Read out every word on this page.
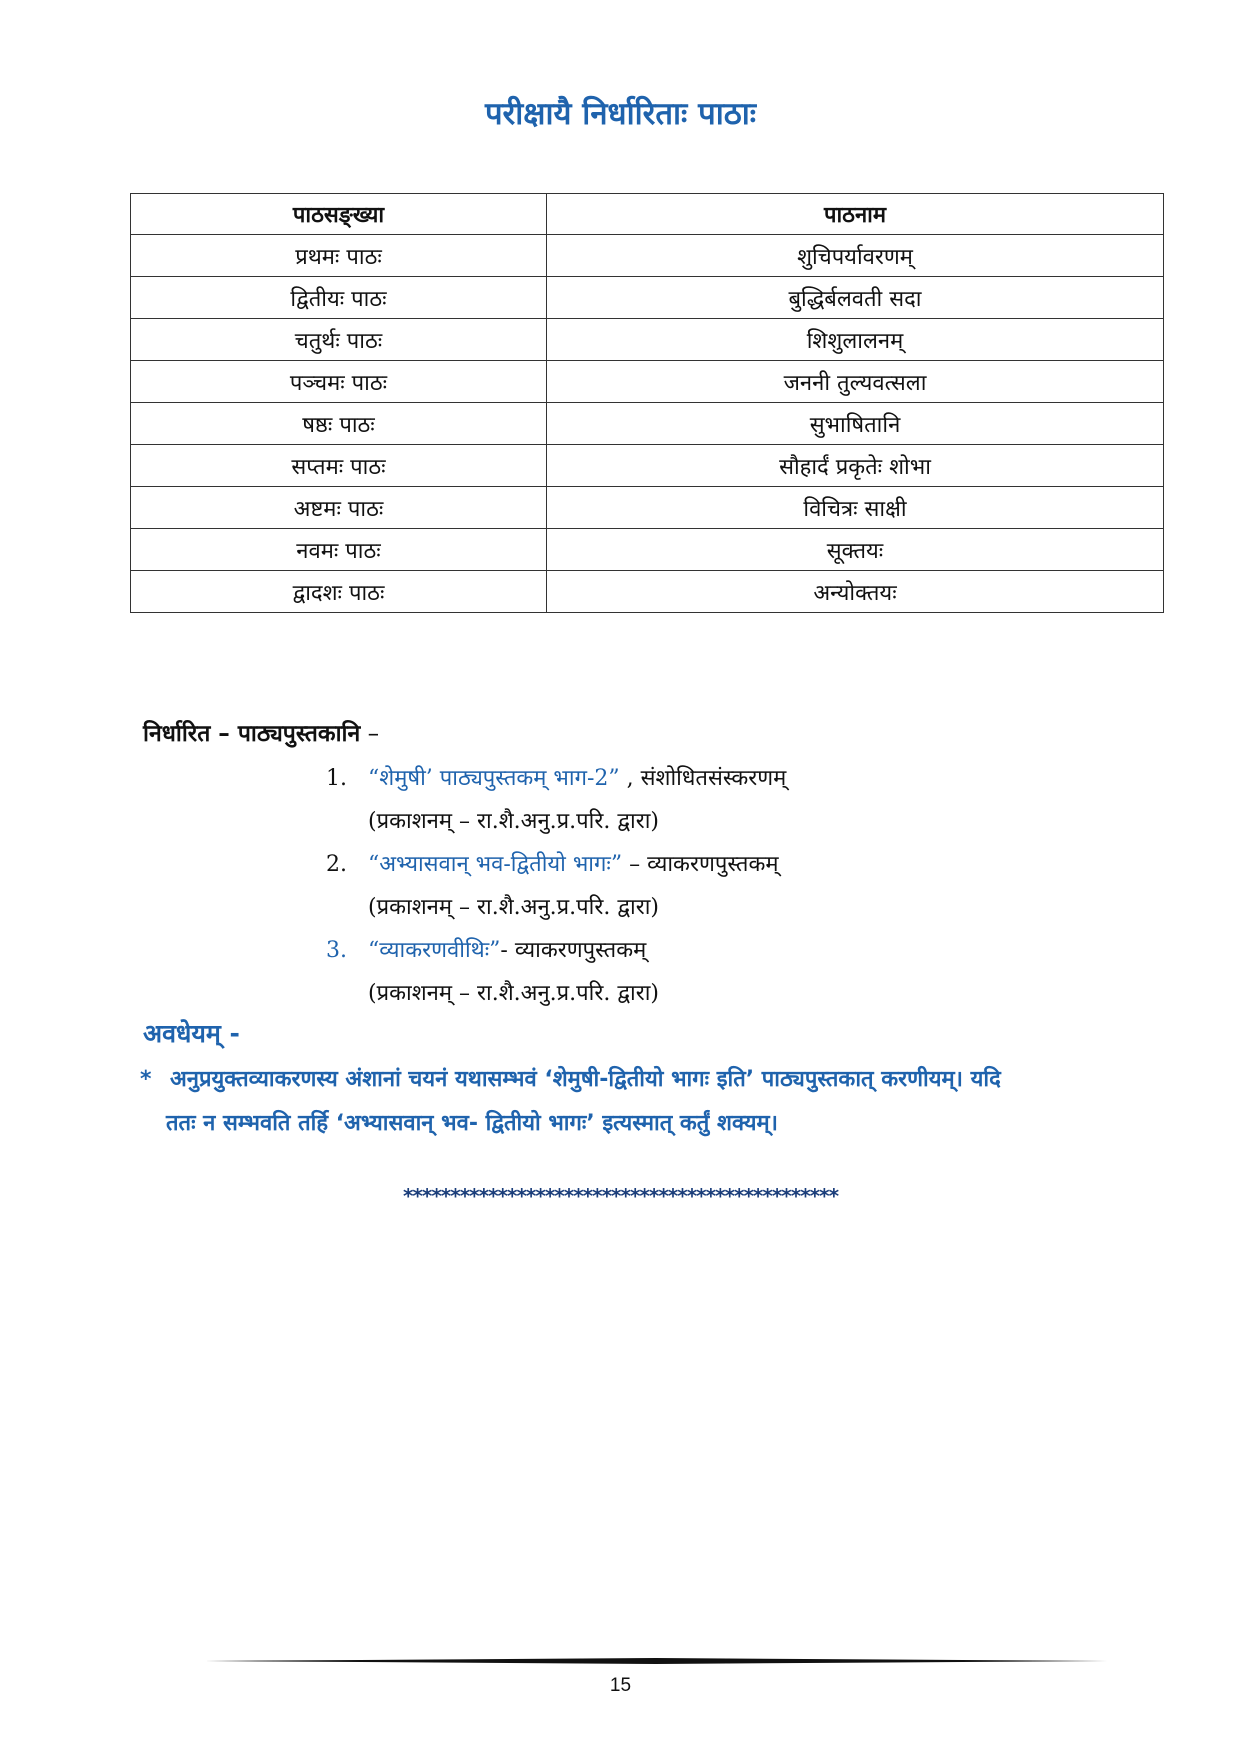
परीक्षायै निर्धारिताः पाठाः
पाठसङ्ख्या	पाठनाम
प्रथमः पाठः	शुचिपर्यावरणम्
द्वितीयः पाठः	बुद्धिर्बलवती सदा
चतुर्थः पाठः	शिशुलालनम्
पञ्चमः पाठः	जननी तुल्यवत्सला
षष्ठः पाठः	सुभाषितानि
सप्तमः पाठः	सौहार्दं प्रकृतेः शोभा
अष्टमः पाठः	विचित्रः साक्षी
नवमः पाठः	सूक्तयः
द्वादशः पाठः	अन्योक्तयः
निर्धारित – पाठ्यपुस्तकानि –
1. “शेमुषी’ पाठ्यपुस्तकम् भाग-2” , संशोधितसंस्करणम्
(प्रकाशनम् – रा.शै.अनु.प्र.परि. द्वारा)
2. “अभ्यासवान् भव-द्वितीयो भागः” – व्याकरणपुस्तकम्
(प्रकाशनम् – रा.शै.अनु.प्र.परि. द्वारा)
3. “व्याकरणवीथिः”- व्याकरणपुस्तकम्
(प्रकाशनम् – रा.शै.अनु.प्र.परि. द्वारा)
अवधेयम् -
* अनुप्रयुक्तव्याकरणस्य अंशानां चयनं यथासम्भवं ‘शेमुषी-द्वितीयो भागः इति’ पाठ्यपुस्तकात् करणीयम्। यदि
ततः न सम्भवति तर्हि ‘अभ्यासवान् भव- द्वितीयो भागः’ इत्यस्मात् कर्तुं शक्यम्।
**********************************************
15
